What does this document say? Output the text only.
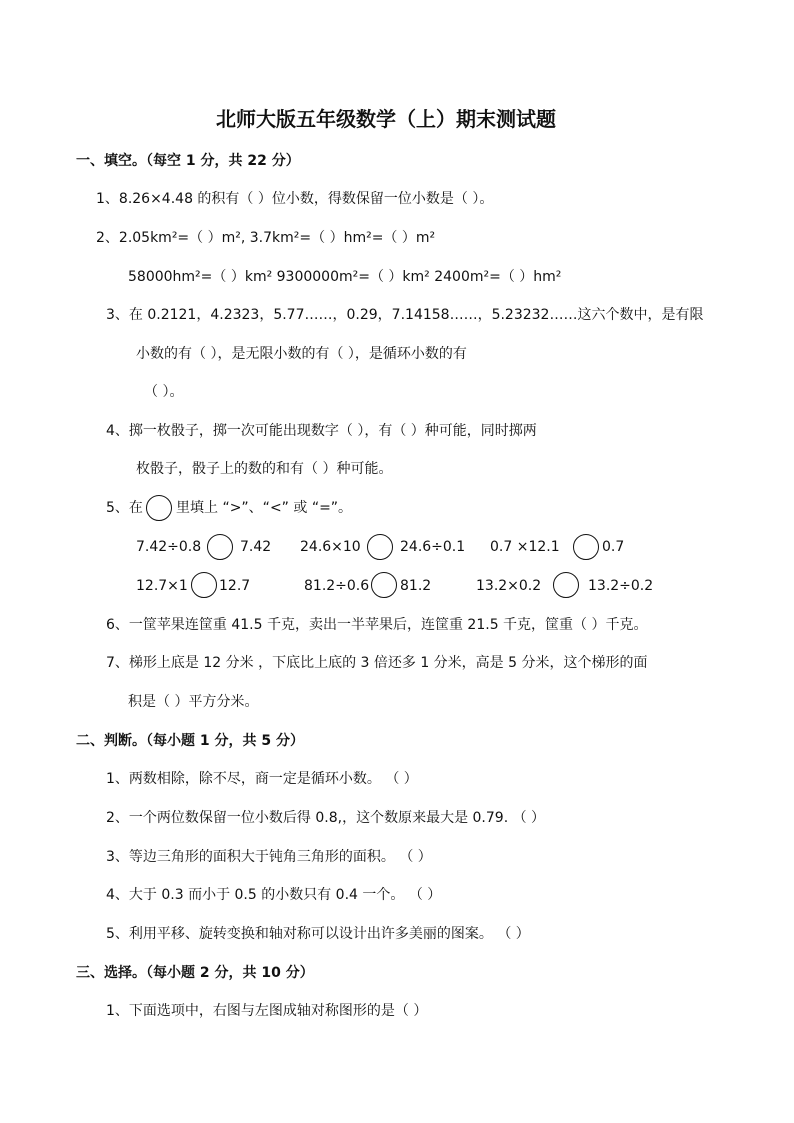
北师大版五年级数学（上）期末测试题
一、填空。（每空 1 分，共 22 分）
1、8.26×4.48 的积有（ ）位小数，得数保留一位小数是（ ）。
2、2.05km²=（ ）m², 3.7km²=（ ）hm²=（ ）m²
58000hm²=（ ）km² 9300000m²=（ ）km² 2400m²=（ ）hm²
3、在 0.2121，4.2323，5.77……，0.29，7.14158……，5.23232……这六个数中，是有限
小数的有（ ），是无限小数的有（ ），是循环小数的有
（ ）。
4、掷一枚骰子，掷一次可能出现数字（ ），有（ ）种可能，同时掷两
枚骰子，骰子上的数的和有（ ）种可能。
5、在 里填上 “>”、“<” 或 “=”。
7.42÷0.8	7.42 24.6×10	24.6÷0.1 0.7 ×12.1	0.7
12.7×1 12.7	81.2÷0.6 81.2	13.2×0.2	13.2÷0.2
6、一筐苹果连筐重 41.5 千克，卖出一半苹果后，连筐重 21.5 千克，筐重（ ）千克。
7、梯形上底是 12 分米 ，下底比上底的 3 倍还多 1 分米，高是 5 分米，这个梯形的面
积是（ ）平方分米。
二、判断。（每小题 1 分，共 5 分）
1、两数相除，除不尽，商一定是循环小数。 （ ）
2、一个两位数保留一位小数后得 0.8,，这个数原来最大是 0.79. （ ）
3、等边三角形的面积大于钝角三角形的面积。 （ ）
4、大于 0.3 而小于 0.5 的小数只有 0.4 一个。 （ ）
5、利用平移、旋转变换和轴对称可以设计出许多美丽的图案。 （ ）
三、选择。（每小题 2 分，共 10 分）
1、下面选项中，右图与左图成轴对称图形的是（ ）
